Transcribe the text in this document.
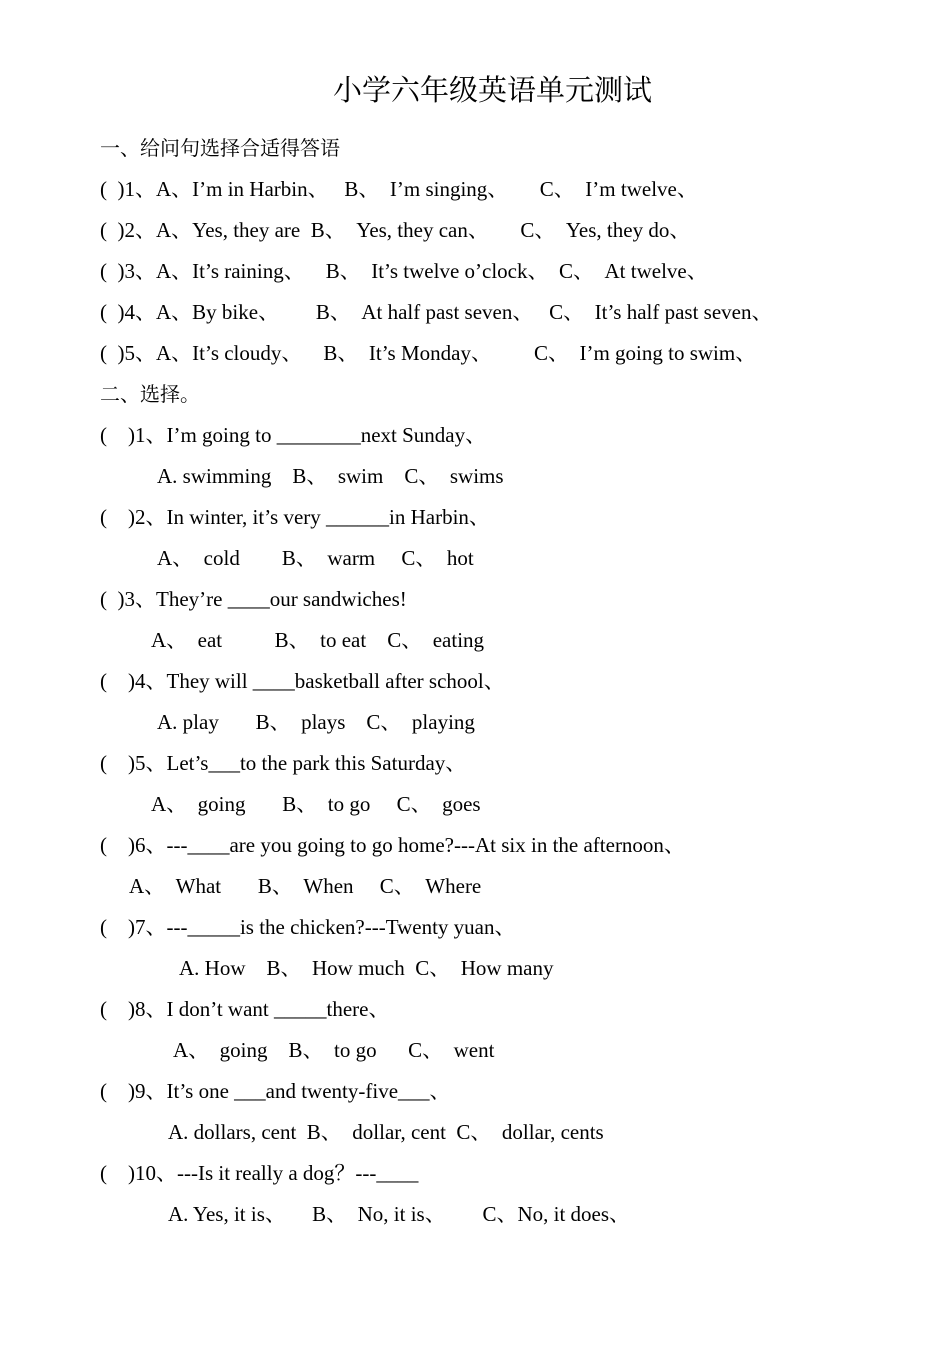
小学六年级英语单元测试
一、给问句选择合适得答语
(  )1、A、I’m in Harbin、   B、  I’m singing、      C、  I’m twelve、
(  )2、A、Yes, they are  B、  Yes, they can、      C、  Yes, they do、
(  )3、A、It’s raining、    B、  It’s twelve o’clock、  C、  At twelve、
(  )4、A、By bike、       B、  At half past seven、   C、  It’s half past seven、
(  )5、A、It’s cloudy、    B、  It’s Monday、        C、  I’m going to swim、
二、选择。
(    )1、I’m going to ________next Sunday、
A. swimming    B、  swim    C、  swims
(    )2、In winter, it’s very ______in Harbin、
A、  cold        B、  warm     C、  hot
(  )3、They’re ____our sandwiches!
A、  eat          B、  to eat    C、  eating
(    )4、They will ____basketball after school、
A. play       B、  plays    C、  playing
(    )5、Let’s___to the park this Saturday、
A、  going       B、  to go     C、  goes
(    )6、---____are you going to go home?---At six in the afternoon、
A、  What       B、  When     C、  Where
(    )7、---_____is the chicken?---Twenty yuan、
A. How    B、  How much  C、  How many
(    )8、I don’t want _____there、
A、  going    B、  to go      C、  went
(    )9、It’s one ___and twenty-five___、
A. dollars, cent  B、  dollar, cent  C、  dollar, cents
(    )10、---Is it really a dog？---____
A. Yes, it is、     B、  No, it is、       C、No, it does、
